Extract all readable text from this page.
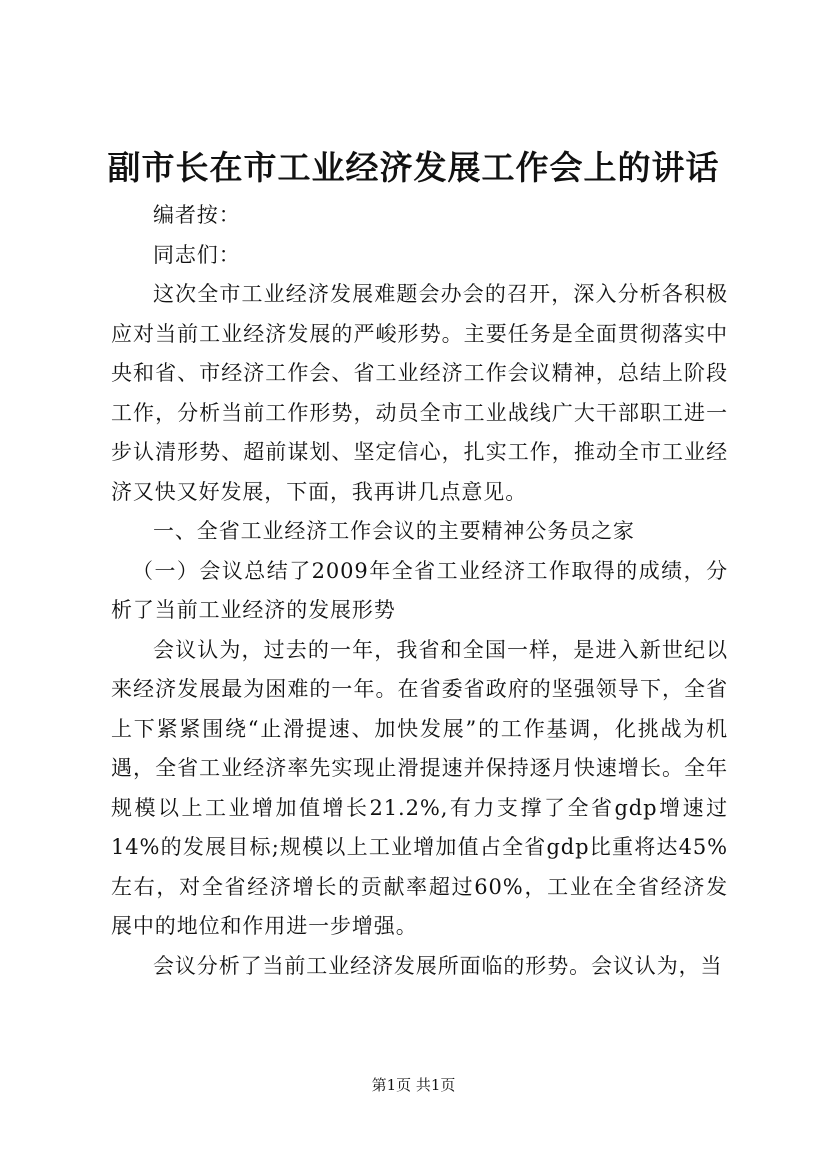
副市长在市工业经济发展工作会上的讲话

编者按：

同志们：

这次全市工业经济发展难题会办会的召开，深入分析各积极应对当前工业经济发展的严峻形势。主要任务是全面贯彻落实中央和省、市经济工作会、省工业经济工作会议精神，总结上阶段工作，分析当前工作形势，动员全市工业战线广大干部职工进一步认清形势、超前谋划、坚定信心，扎实工作，推动全市工业经济又快又好发展，下面，我再讲几点意见。

一、全省工业经济工作会议的主要精神公务员之家

（一）会议总结了2009年全省工业经济工作取得的成绩，分析了当前工业经济的发展形势

会议认为，过去的一年，我省和全国一样，是进入新世纪以来经济发展最为困难的一年。在省委省政府的坚强领导下，全省上下紧紧围绕“止滑提速、加快发展”的工作基调，化挑战为机遇，全省工业经济率先实现止滑提速并保持逐月快速增长。全年规模以上工业增加值增长21.2%,有力支撑了全省gdp增速过14%的发展目标;规模以上工业增加值占全省gdp比重将达45%左右，对全省经济增长的贡献率超过60%，工业在全省经济发展中的地位和作用进一步增强。

会议分析了当前工业经济发展所面临的形势。会议认为，当

第1页 共1页
